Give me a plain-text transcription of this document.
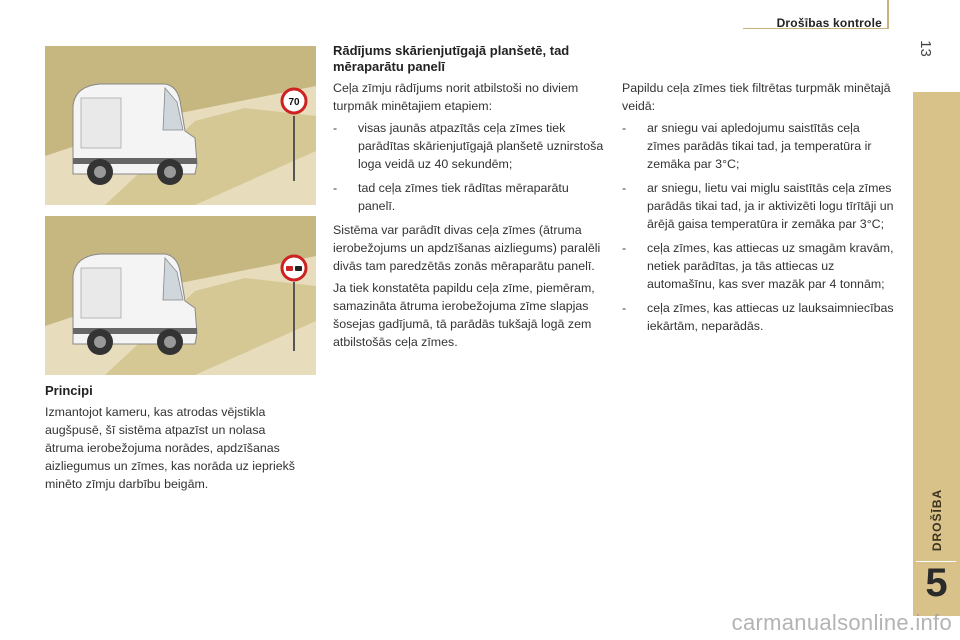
Drošības kontrole
13
DROŠĪBA
5
70
Principi
Izmantojot kameru, kas atrodas vējstikla augšpusē, šī sistēma atpazīst un nolasa ātruma ierobežojuma norādes, apdzīšanas aizliegumus un zīmes, kas norāda uz iepriekš minēto zīmju darbību beigām.
Rādījums skārienjutīgajā planšetē, tad mēraparātu panelī

Ceļa zīmju rādījums norit atbilstoši no diviem turpmāk minētajiem etapiem:

- visas jaunās atpazītās ceļa zīmes tiek parādītas skārienjutīgajā planšetē uznirstoša loga veidā uz 40 sekundēm;
- tad ceļa zīmes tiek rādītas mēraparātu panelī.

Sistēma var parādīt divas ceļa zīmes (ātruma ierobežojums un apdzīšanas aizliegums) paralēli divās tam paredzētās zonās mēraparātu panelī.

Ja tiek konstatēta papildu ceļa zīme, piemēram, samazināta ātruma ierobežojuma zīme slapjas šosejas gadījumā, tā parādās tukšajā logā zem atbilstošās ceļa zīmes.

Papildu ceļa zīmes tiek filtrētas turpmāk minētajā veidā:

- ar sniegu vai apledojumu saistītās ceļa zīmes parādās tikai tad, ja temperatūra ir zemāka par 3°C;
- ar sniegu, lietu vai miglu saistītās ceļa zīmes parādās tikai tad, ja ir aktivizēti logu tīrītāji un ārējā gaisa temperatūra ir zemāka par 3°C;
- ceļa zīmes, kas attiecas uz smagām kravām, netiek parādītas, ja tās attiecas uz automašīnu, kas sver mazāk par 4 tonnām;
- ceļa zīmes, kas attiecas uz lauksaimniecības iekārtām, neparādās.
carmanualsonline.info
